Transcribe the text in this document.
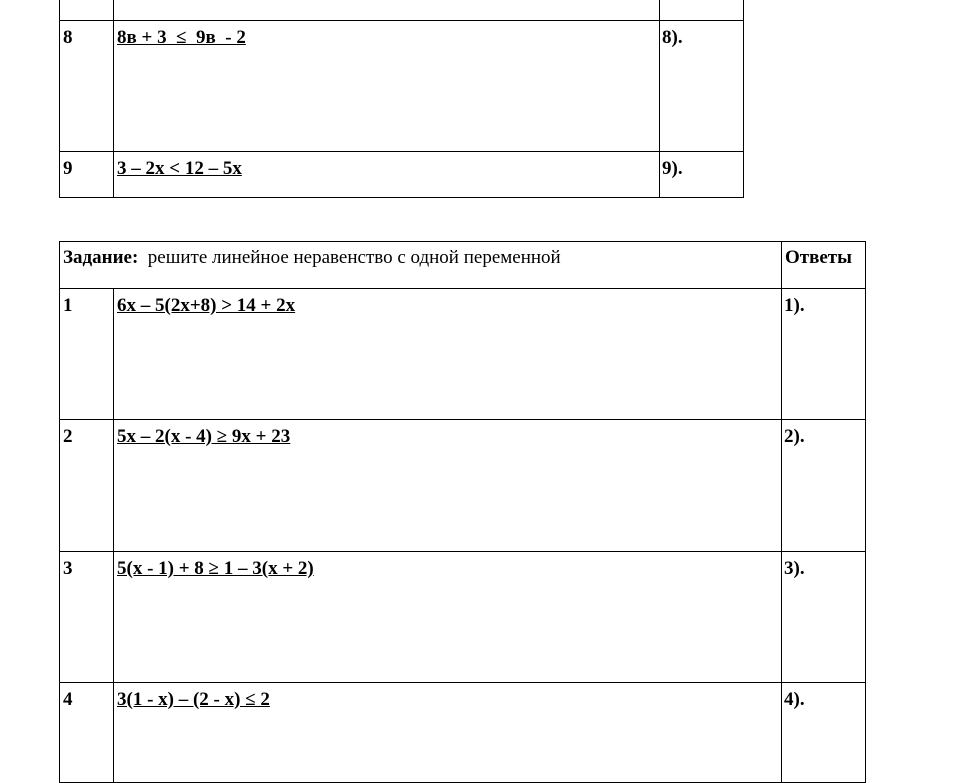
8	8в + 3  ≤  9в  - 2	8).
9	3 – 2х < 12 – 5х	9).
Задание: решите линейное неравенство с одной переменной		Ответы
1	6х – 5(2х+8) > 14 + 2х	1).
2	5х – 2(х - 4) ≥ 9х + 23	2).
3	5(х - 1) + 8 ≥ 1 – 3(х + 2)	3).
4	3(1 - х) – (2 - х) ≤ 2	4).
